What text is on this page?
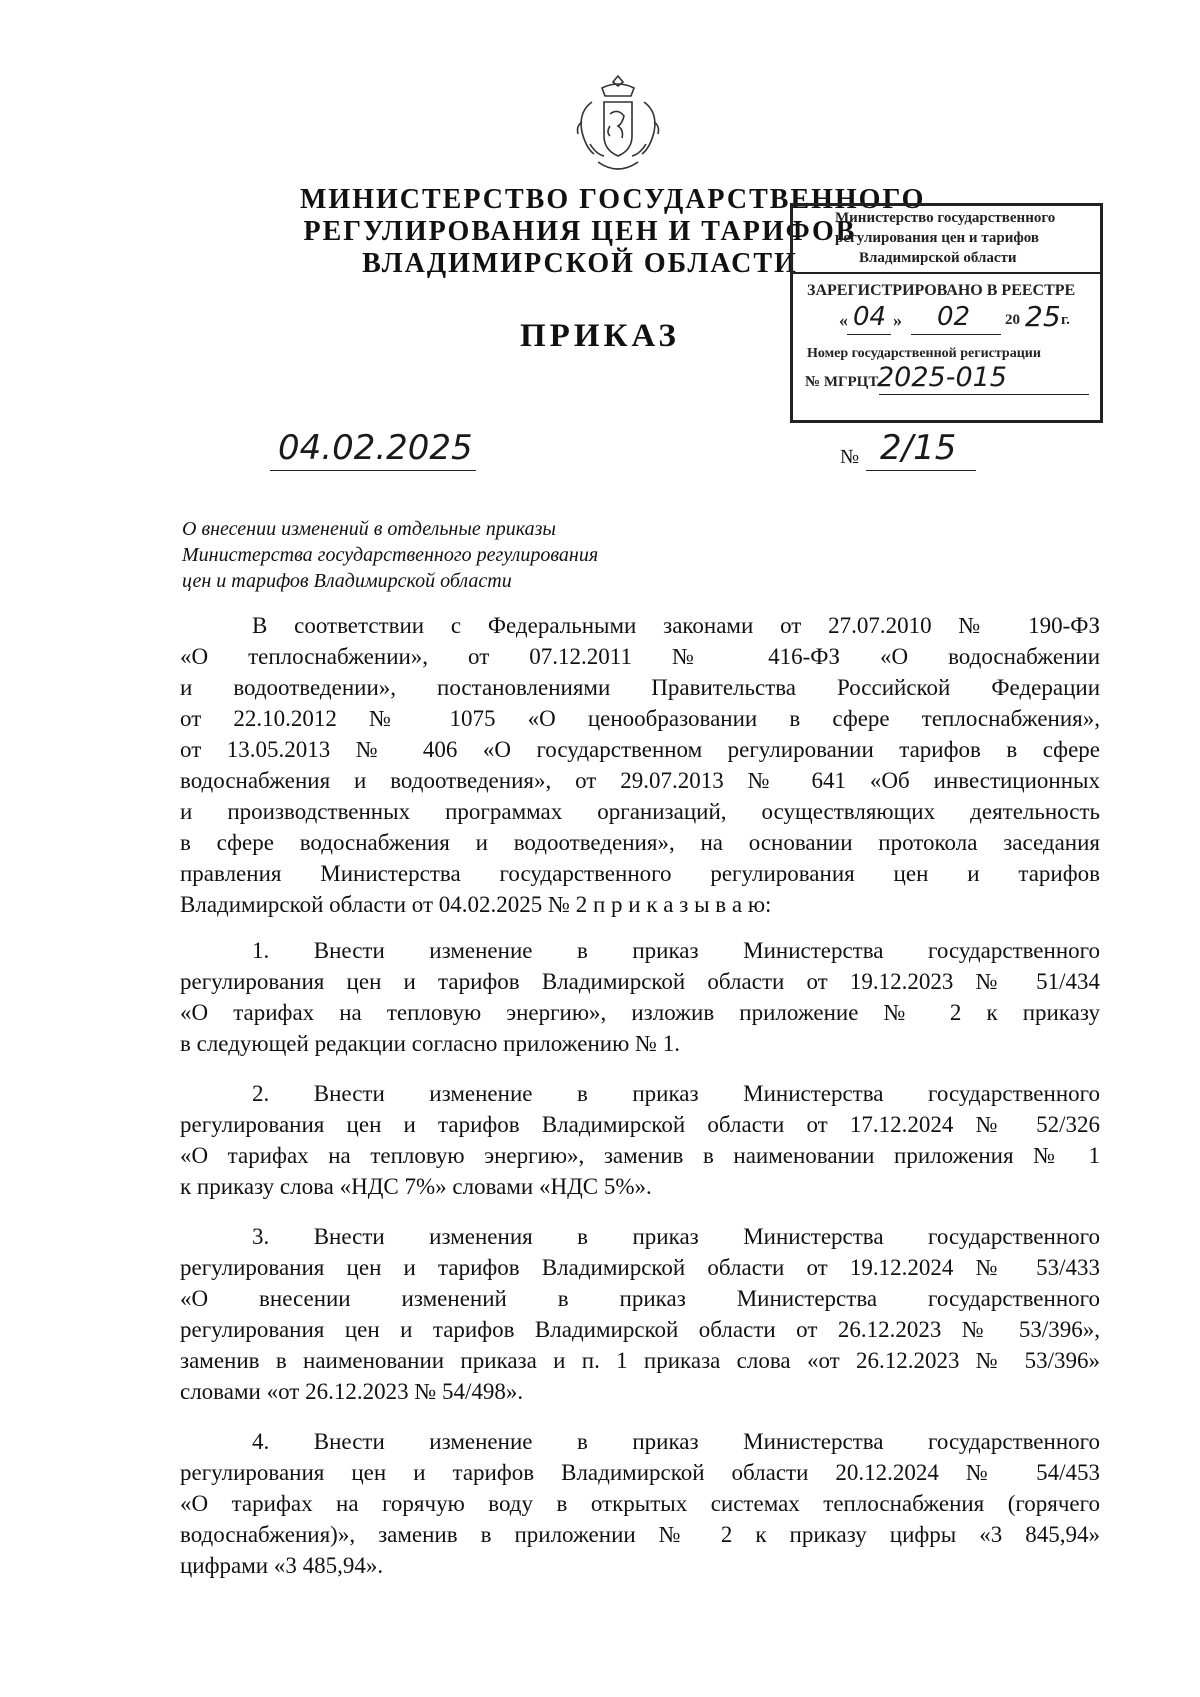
МИНИСТЕРСТВО ГОСУДАРСТВЕННОГО
РЕГУЛИРОВАНИЯ ЦЕН И ТАРИФОВ
ВЛАДИМИРСКОЙ ОБЛАСТИ
ПРИКАЗ
Министерство государственного
регулирования цен и тарифов
Владимирской области
ЗАРЕГИСТРИРОВАНО В РЕЕСТРЕ
« 04 » 02 20 25 г.
Номер государственной регистрации
№ МГРЦТ
2025-015
04.02.2025	№ 2/15
О внесении изменений в отдельные приказы
Министерства государственного регулирования
цен и тарифов Владимирской области
В соответствии с Федеральными законами от 27.07.2010 № 190-ФЗ
«О теплоснабжении», от 07.12.2011 № 416-ФЗ «О водоснабжении
и водоотведении», постановлениями Правительства Российской Федерации
от 22.10.2012 № 1075 «О ценообразовании в сфере теплоснабжения»,
от 13.05.2013 № 406 «О государственном регулировании тарифов в сфере
водоснабжения и водоотведения», от 29.07.2013 № 641 «Об инвестиционных
и производственных программах организаций, осуществляющих деятельность
в сфере водоснабжения и водоотведения», на основании протокола заседания
правления Министерства государственного регулирования цен и тарифов
Владимирской области от 04.02.2025 № 2 п р и к а з ы в а ю:
1. Внести изменение в приказ Министерства государственного
регулирования цен и тарифов Владимирской области от 19.12.2023 № 51/434
«О тарифах на тепловую энергию», изложив приложение № 2 к приказу
в следующей редакции согласно приложению № 1.
2. Внести изменение в приказ Министерства государственного
регулирования цен и тарифов Владимирской области от 17.12.2024 № 52/326
«О тарифах на тепловую энергию», заменив в наименовании приложения № 1
к приказу слова «НДС 7%» словами «НДС 5%».
3. Внести изменения в приказ Министерства государственного
регулирования цен и тарифов Владимирской области от 19.12.2024 № 53/433
«О внесении изменений в приказ Министерства государственного
регулирования цен и тарифов Владимирской области от 26.12.2023 № 53/396»,
заменив в наименовании приказа и п. 1 приказа слова «от 26.12.2023 № 53/396»
словами «от 26.12.2023 № 54/498».
4. Внести изменение в приказ Министерства государственного
регулирования цен и тарифов Владимирской области 20.12.2024 № 54/453
«О тарифах на горячую воду в открытых системах теплоснабжения (горячего
водоснабжения)», заменив в приложении № 2 к приказу цифры «3 845,94»
цифрами «3 485,94».
